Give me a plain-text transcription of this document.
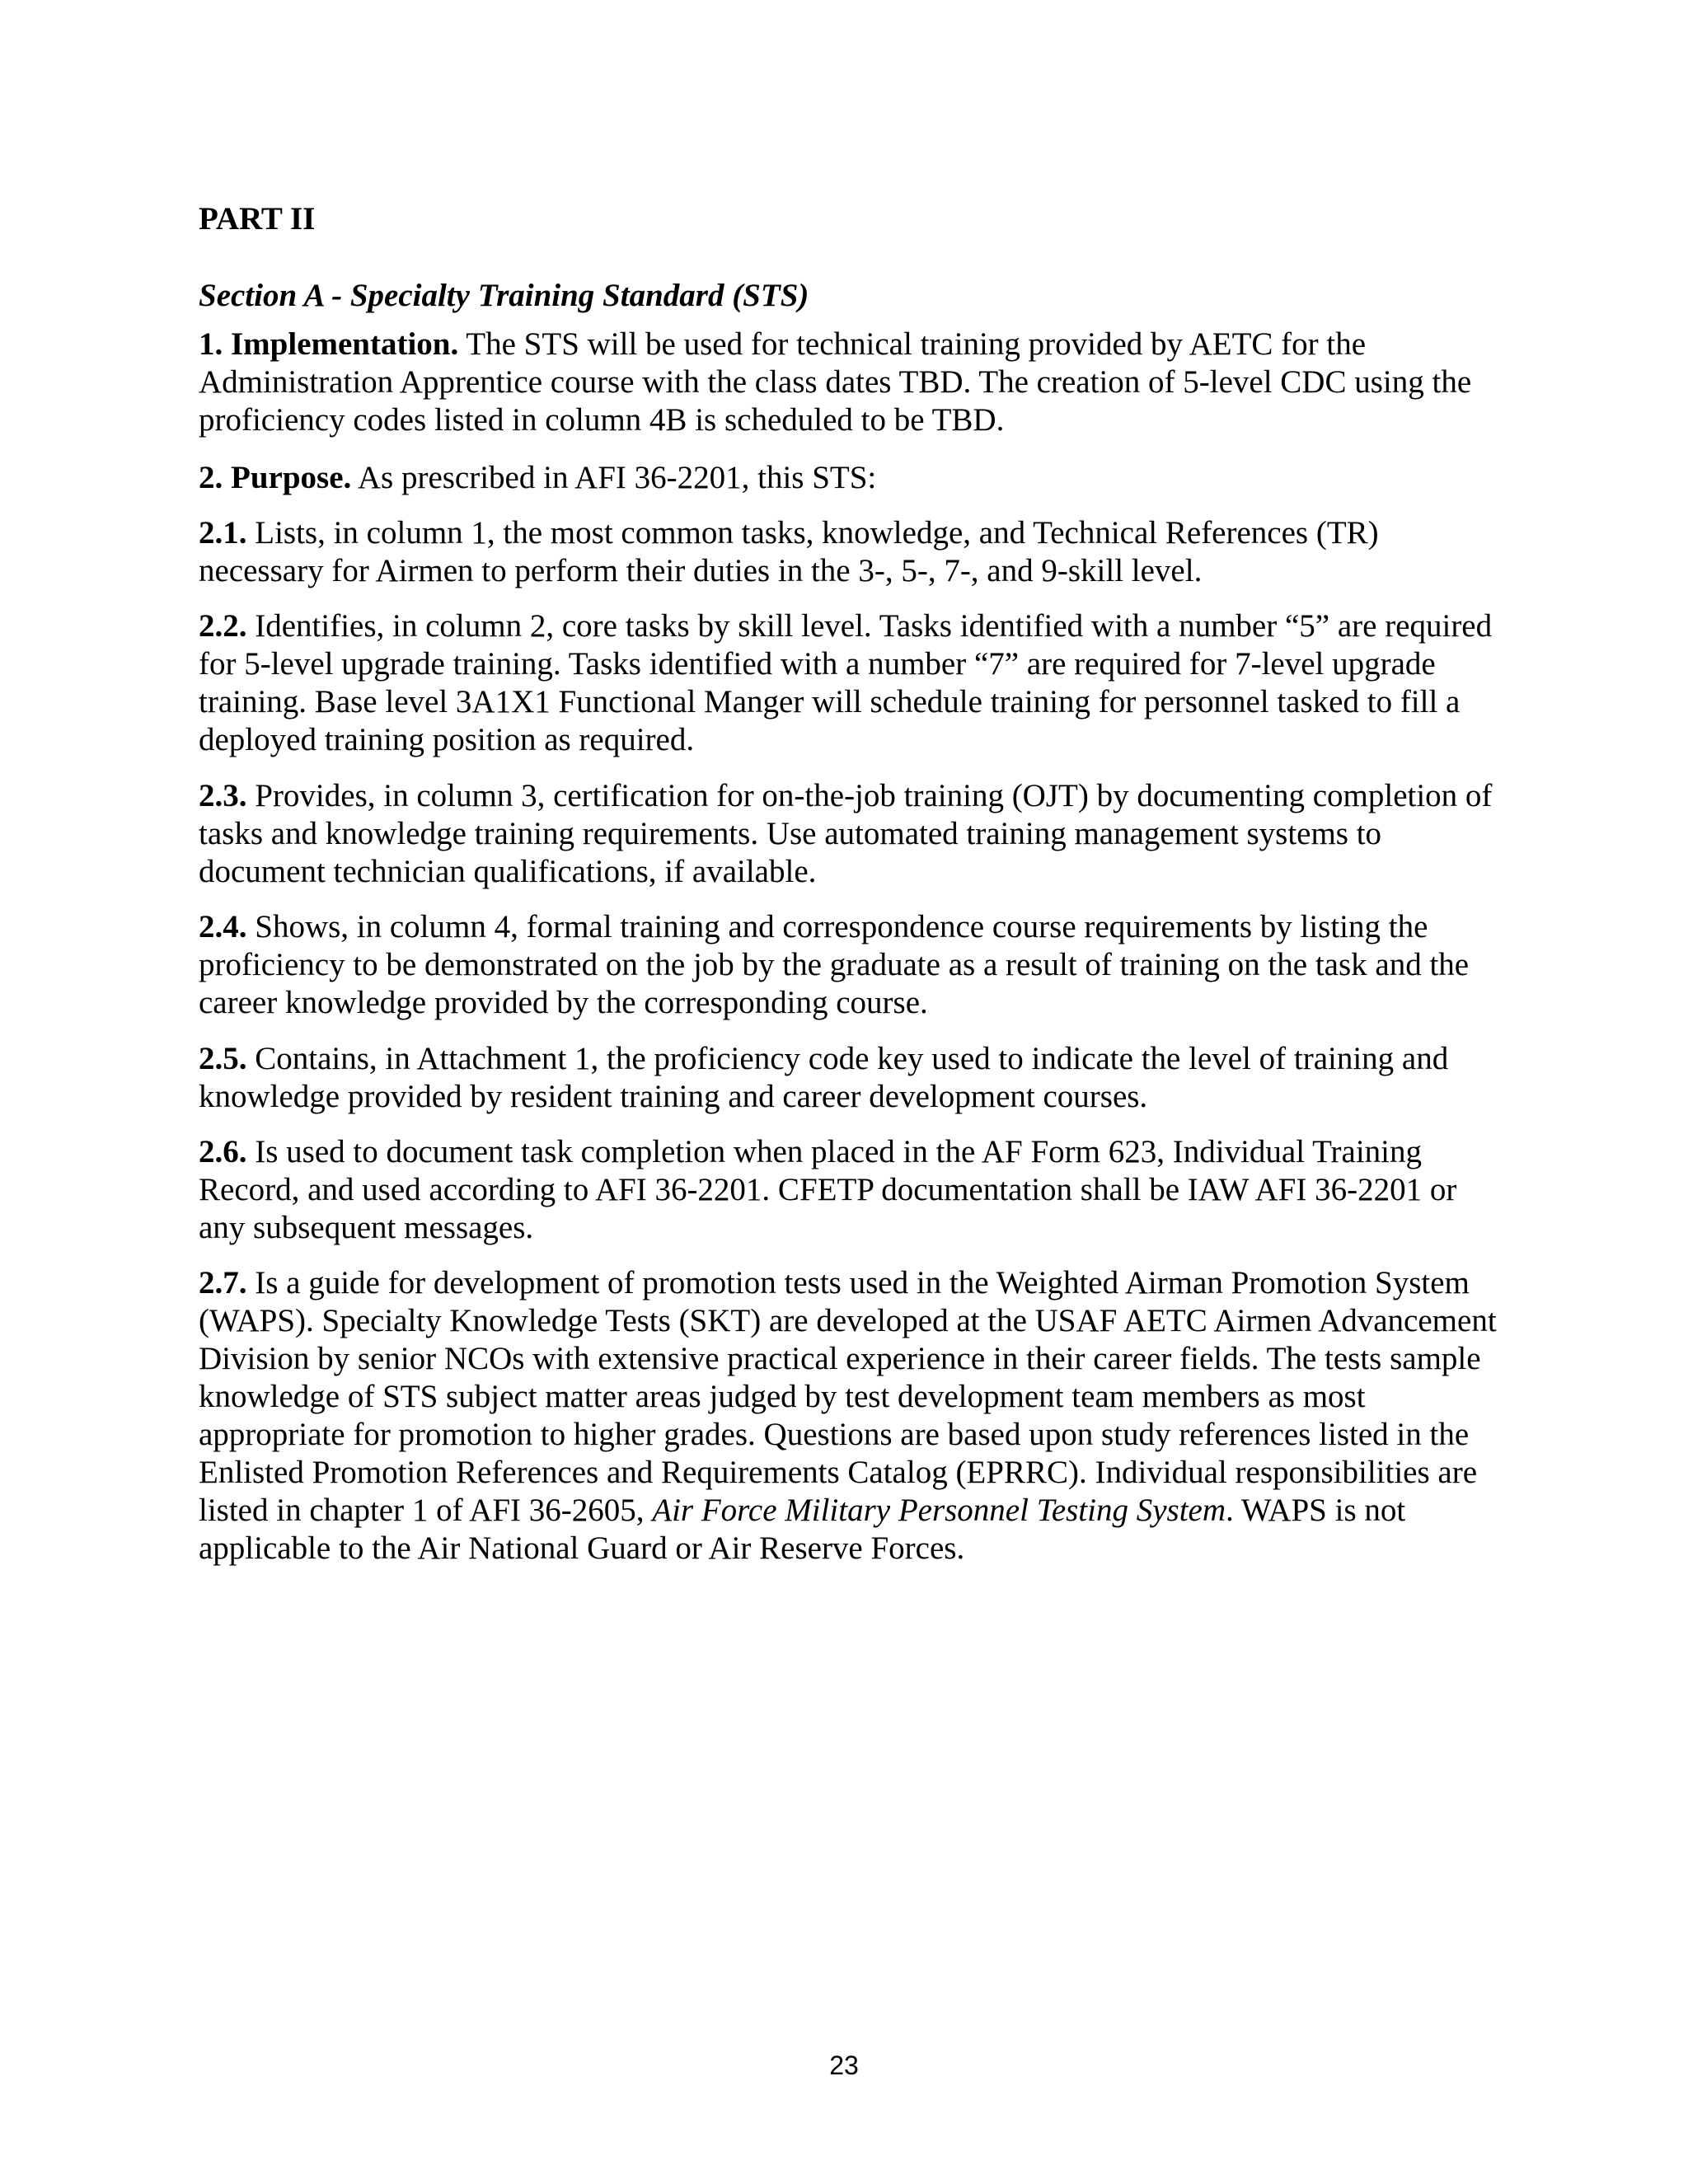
PART II
Section A - Specialty Training Standard (STS)

1. Implementation. The STS will be used for technical training provided by AETC for the Administration Apprentice course with the class dates TBD. The creation of 5-level CDC using the proficiency codes listed in column 4B is scheduled to be TBD.

2. Purpose. As prescribed in AFI 36-2201, this STS:

2.1. Lists, in column 1, the most common tasks, knowledge, and Technical References (TR) necessary for Airmen to perform their duties in the 3-, 5-, 7-, and 9-skill level.

2.2. Identifies, in column 2, core tasks by skill level. Tasks identified with a number “5” are required for 5-level upgrade training. Tasks identified with a number “7” are required for 7-level upgrade training. Base level 3A1X1 Functional Manger will schedule training for personnel tasked to fill a deployed training position as required.

2.3. Provides, in column 3, certification for on-the-job training (OJT) by documenting completion of tasks and knowledge training requirements. Use automated training management systems to document technician qualifications, if available.

2.4. Shows, in column 4, formal training and correspondence course requirements by listing the proficiency to be demonstrated on the job by the graduate as a result of training on the task and the career knowledge provided by the corresponding course.

2.5. Contains, in Attachment 1, the proficiency code key used to indicate the level of training and knowledge provided by resident training and career development courses.

2.6. Is used to document task completion when placed in the AF Form 623, Individual Training Record, and used according to AFI 36-2201. CFETP documentation shall be IAW AFI 36-2201 or any subsequent messages.

2.7. Is a guide for development of promotion tests used in the Weighted Airman Promotion System (WAPS). Specialty Knowledge Tests (SKT) are developed at the USAF AETC Airmen Advancement Division by senior NCOs with extensive practical experience in their career fields. The tests sample knowledge of STS subject matter areas judged by test development team members as most appropriate for promotion to higher grades. Questions are based upon study references listed in the Enlisted Promotion References and Requirements Catalog (EPRRC). Individual responsibilities are listed in chapter 1 of AFI 36-2605, Air Force Military Personnel Testing System. WAPS is not applicable to the Air National Guard or Air Reserve Forces.

23
